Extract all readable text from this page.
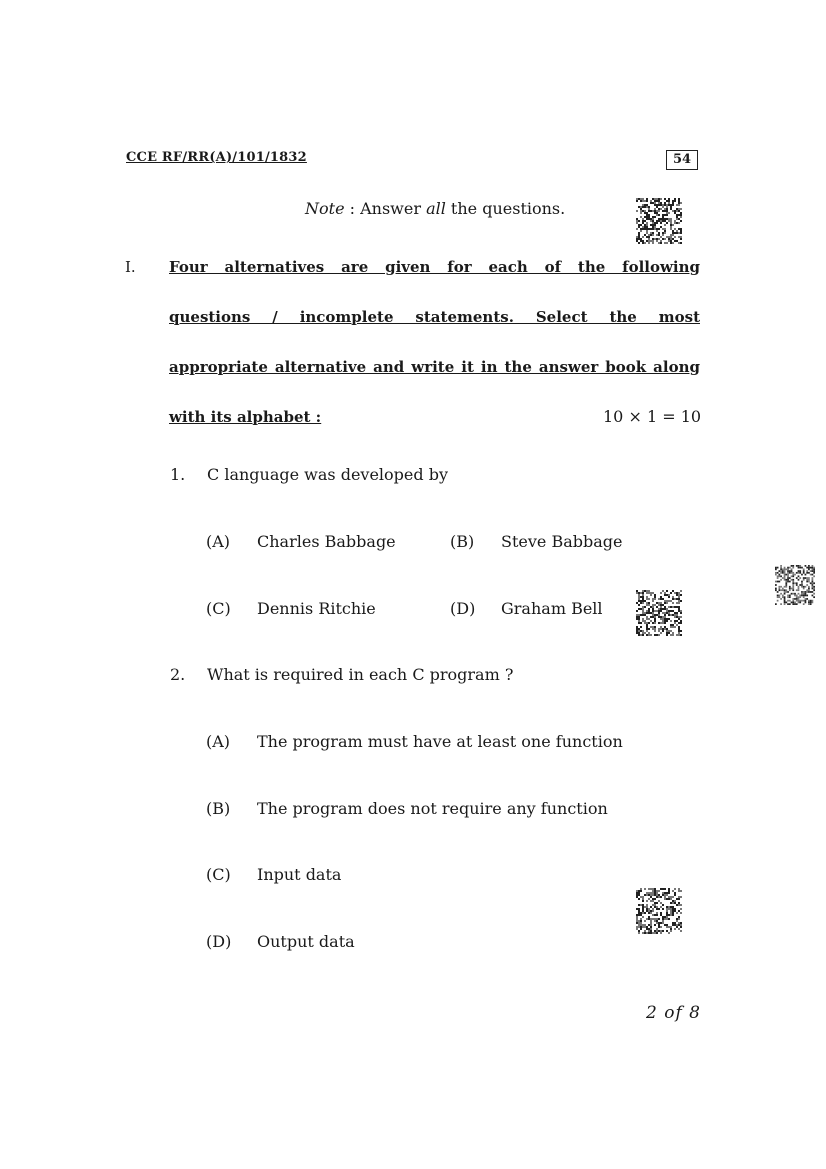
CCE RF/RR(A)/101/1832	54
Note : Answer all the questions.
I. Four alternatives are given for each of the following
questions / incomplete statements. Select the most
appropriate alternative and write it in the answer book along
with its alphabet :	10 × 1 = 10
1. C language was developed by
(A) Charles Babbage	(B) Steve Babbage
(C) Dennis Ritchie	(D) Graham Bell
2. What is required in each C program ?
(A) The program must have at least one function
(B) The program does not require any function
(C) Input data
(D) Output data
2 of 8
